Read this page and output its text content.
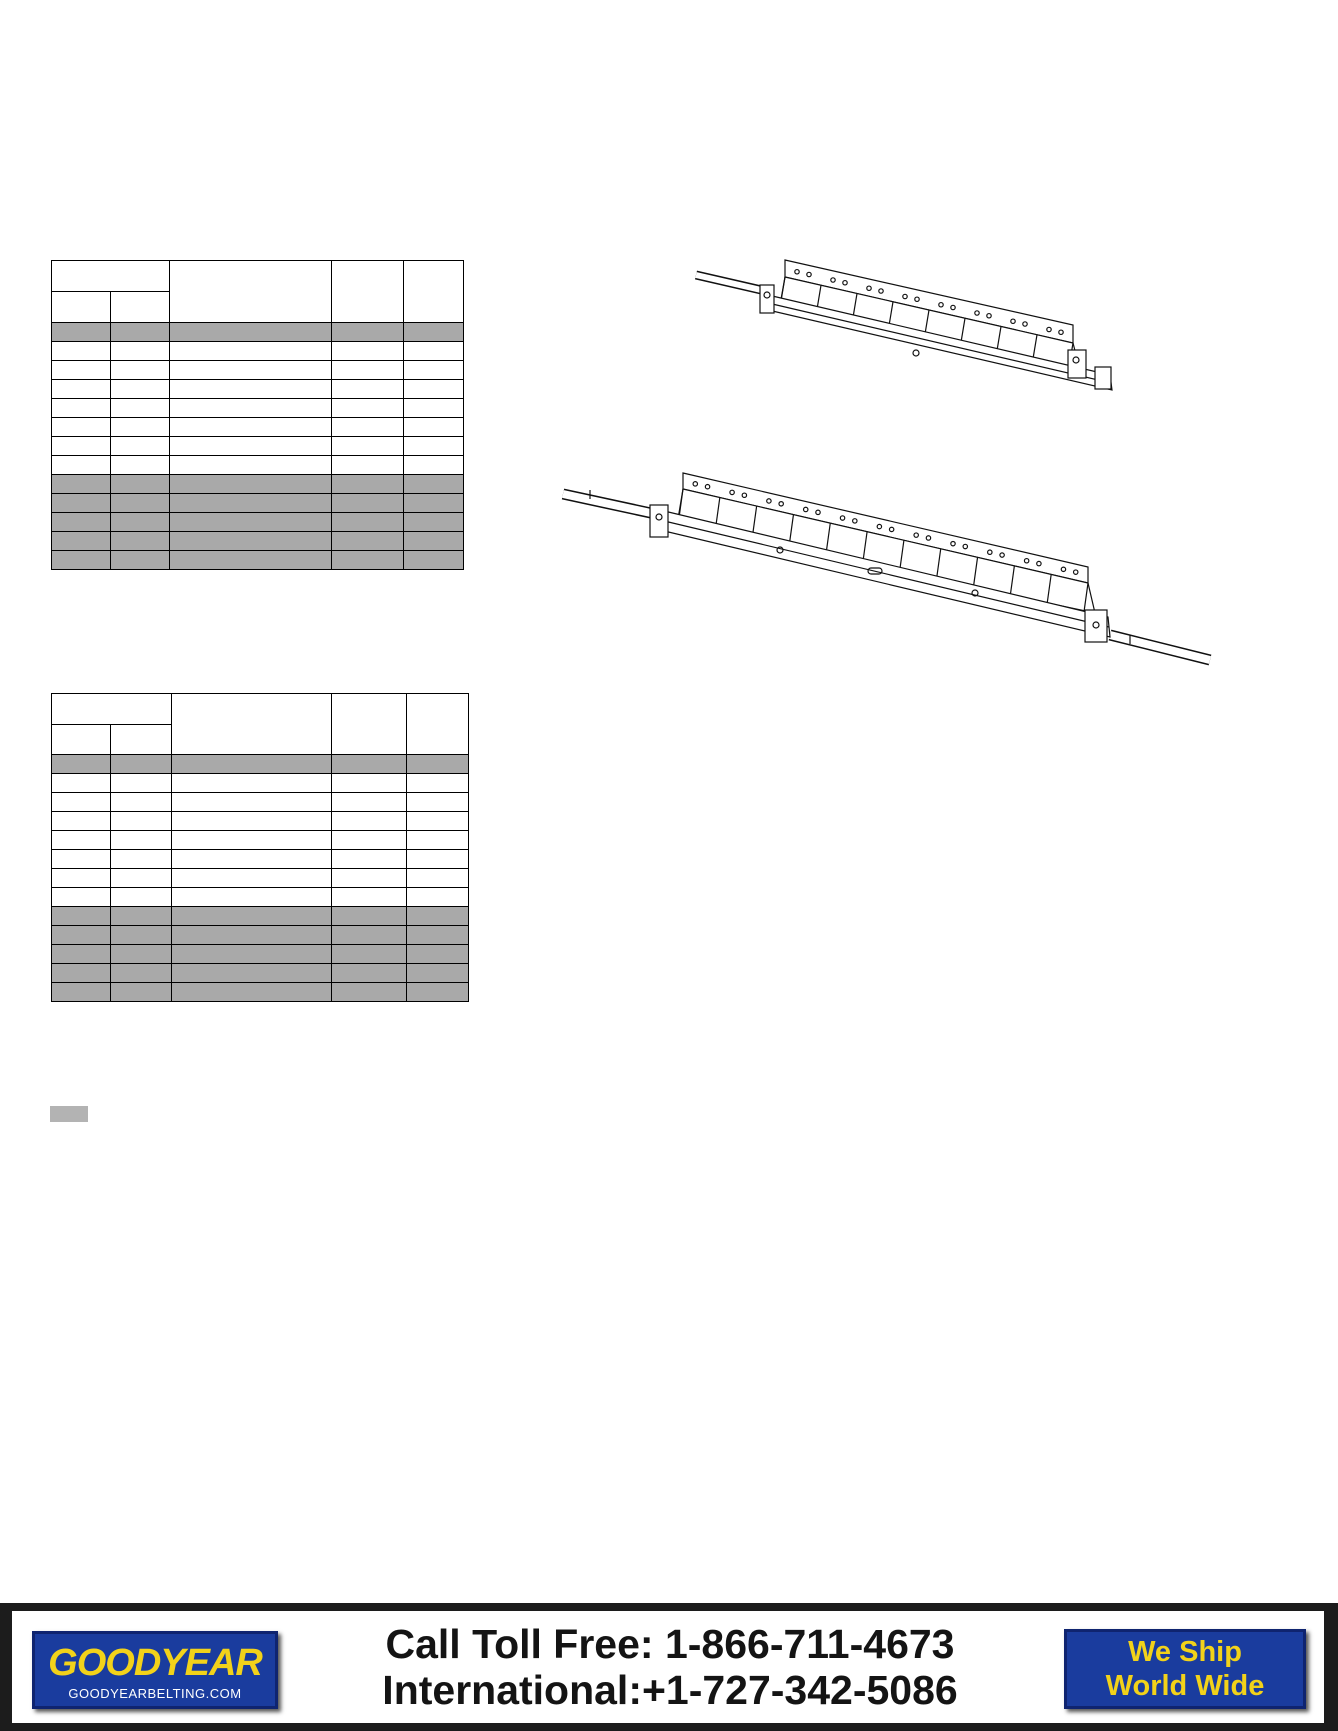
GOODYEAR
GOODYEARBELTING.COM
Call Toll Free: 1-866-711-4673
International:+1-727-342-5086
We Ship
World Wide
